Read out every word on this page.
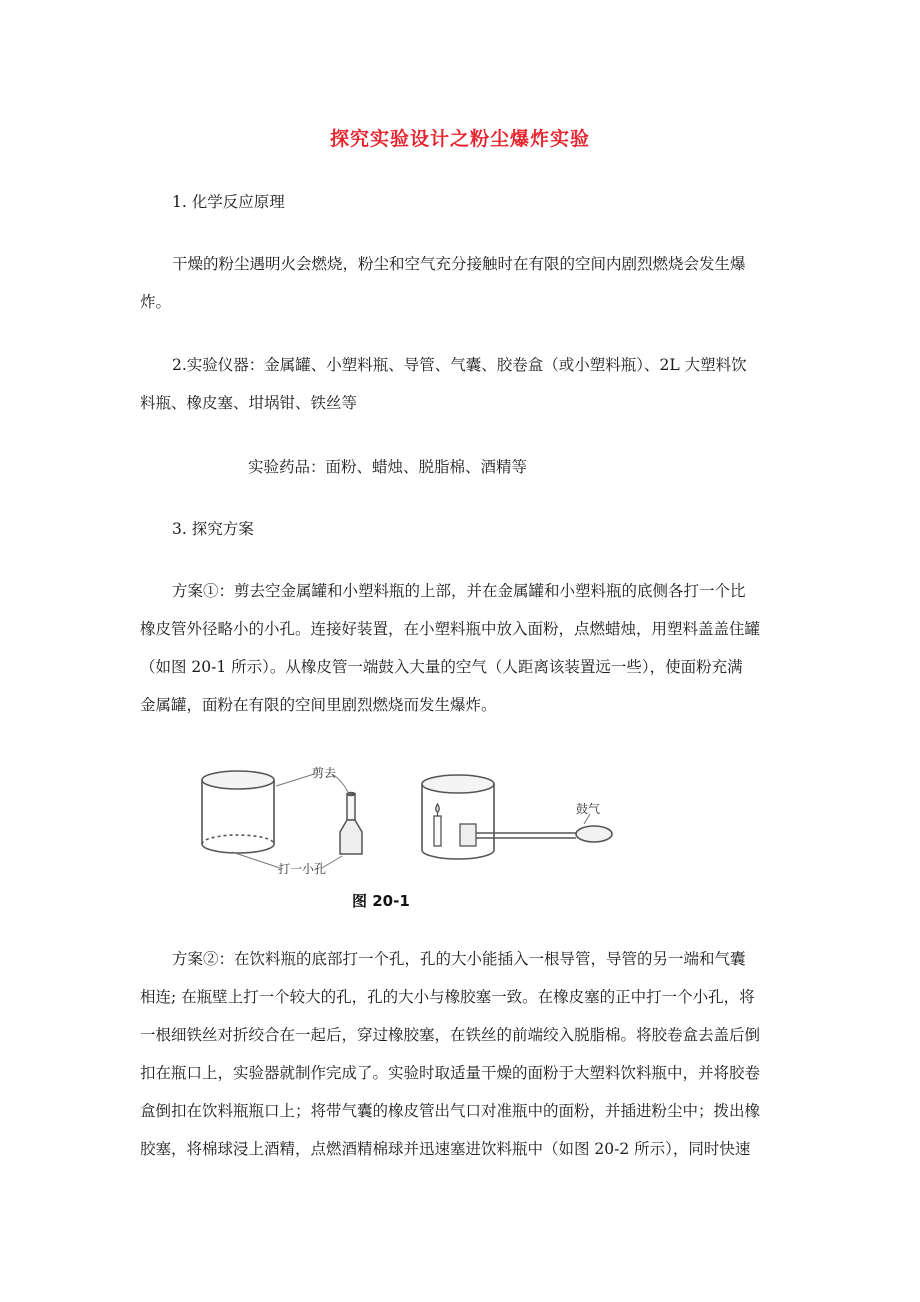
探究实验设计之粉尘爆炸实验
1. 化学反应原理
干燥的粉尘遇明火会燃烧，粉尘和空气充分接触时在有限的空间内剧烈燃烧会发生爆
炸。
2.实验仪器：金属罐、小塑料瓶、导管、气囊、胶卷盒（或小塑料瓶）、2L 大塑料饮
料瓶、橡皮塞、坩埚钳、铁丝等
实验药品：面粉、蜡烛、脱脂棉、酒精等
3. 探究方案
方案①：剪去空金属罐和小塑料瓶的上部，并在金属罐和小塑料瓶的底侧各打一个比
橡皮管外径略小的小孔。连接好装置，在小塑料瓶中放入面粉，点燃蜡烛，用塑料盖盖住罐
（如图 20-1 所示）。从橡皮管一端鼓入大量的空气（人距离该装置远一些），使面粉充满
金属罐，面粉在有限的空间里剧烈燃烧而发生爆炸。
剪去
打一小孔
鼓气
图 20-1
方案②：在饮料瓶的底部打一个孔，孔的大小能插入一根导管，导管的另一端和气囊
相连; 在瓶壁上打一个较大的孔，孔的大小与橡胶塞一致。在橡皮塞的正中打一个小孔，将
一根细铁丝对折绞合在一起后，穿过橡胶塞，在铁丝的前端绞入脱脂棉。将胶卷盒去盖后倒
扣在瓶口上，实验器就制作完成了。实验时取适量干燥的面粉于大塑料饮料瓶中，并将胶卷
盒倒扣在饮料瓶瓶口上；将带气囊的橡皮管出气口对准瓶中的面粉，并插进粉尘中；拨出橡
胶塞，将棉球浸上酒精，点燃酒精棉球并迅速塞进饮料瓶中（如图 20-2 所示），同时快速
